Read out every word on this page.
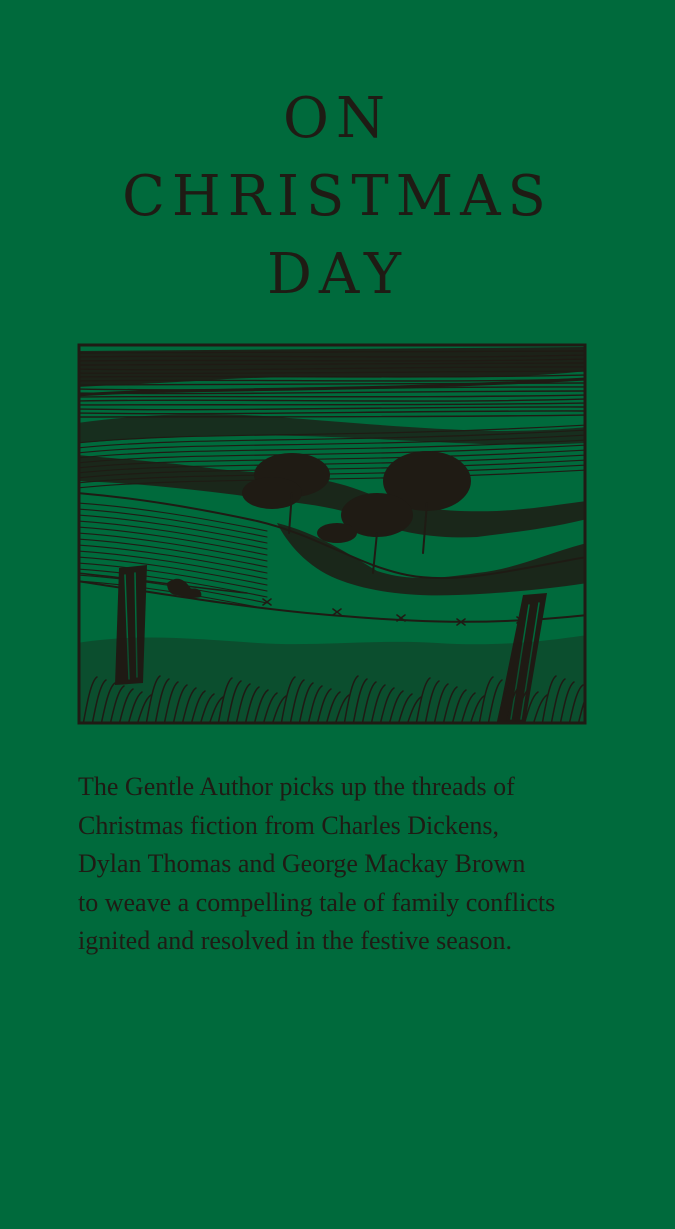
ON
CHRISTMAS
DAY

The Gentle Author picks up the threads of
Christmas fiction from Charles Dickens,
Dylan Thomas and George Mackay Brown
to weave a compelling tale of family conflicts
ignited and resolved in the festive season.
